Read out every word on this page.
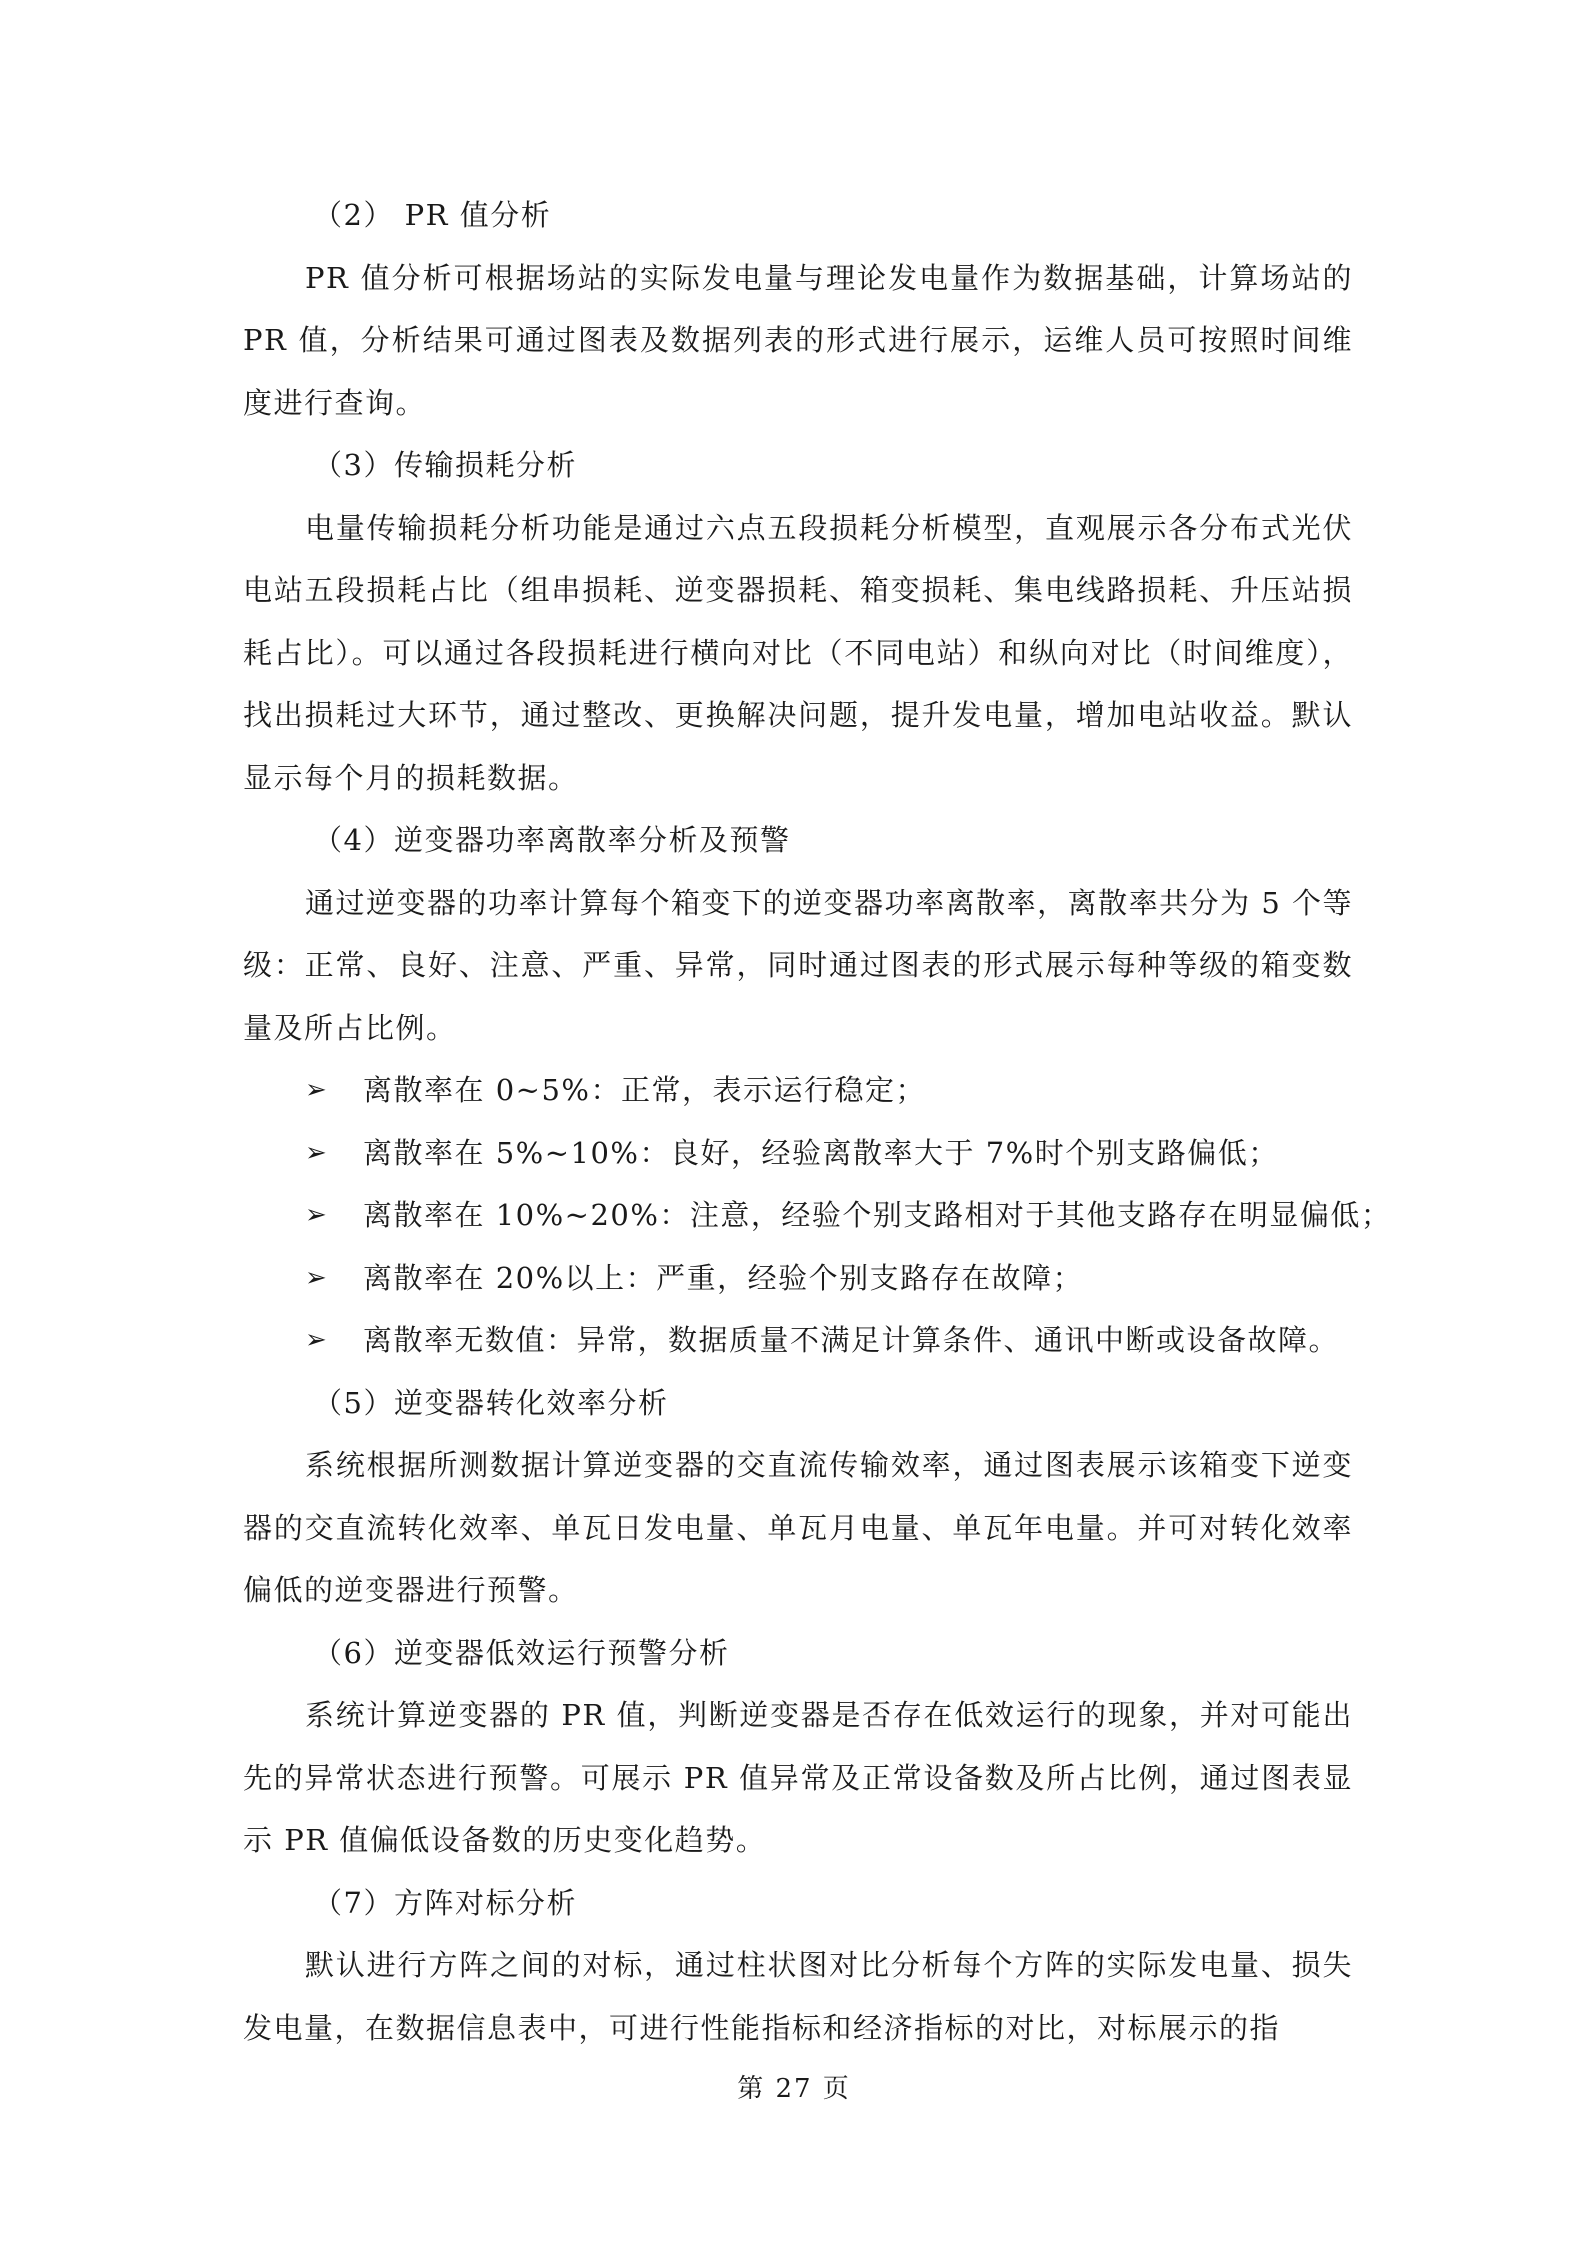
（2） PR 值分析

PR 值分析可根据场站的实际发电量与理论发电量作为数据基础，计算场站的 PR 值，分析结果可通过图表及数据列表的形式进行展示，运维人员可按照时间维度进行查询。

（3）传输损耗分析

电量传输损耗分析功能是通过六点五段损耗分析模型，直观展示各分布式光伏电站五段损耗占比（组串损耗、逆变器损耗、箱变损耗、集电线路损耗、升压站损耗占比）。可以通过各段损耗进行横向对比（不同电站）和纵向对比（时间维度），找出损耗过大环节，通过整改、更换解决问题，提升发电量，增加电站收益。默认显示每个月的损耗数据。

（4）逆变器功率离散率分析及预警

通过逆变器的功率计算每个箱变下的逆变器功率离散率，离散率共分为 5 个等级：正常、良好、注意、严重、异常，同时通过图表的形式展示每种等级的箱变数量及所占比例。

➢ 离散率在 0~5%：正常，表示运行稳定；
➢ 离散率在 5%~10%：良好，经验离散率大于 7%时个别支路偏低；
➢ 离散率在 10%~20%：注意，经验个别支路相对于其他支路存在明显偏低；
➢ 离散率在 20%以上：严重，经验个别支路存在故障；
➢ 离散率无数值：异常，数据质量不满足计算条件、通讯中断或设备故障。

（5）逆变器转化效率分析

系统根据所测数据计算逆变器的交直流传输效率，通过图表展示该箱变下逆变器的交直流转化效率、单瓦日发电量、单瓦月电量、单瓦年电量。并可对转化效率偏低的逆变器进行预警。

（6）逆变器低效运行预警分析

系统计算逆变器的 PR 值，判断逆变器是否存在低效运行的现象，并对可能出先的异常状态进行预警。可展示 PR 值异常及正常设备数及所占比例，通过图表显示 PR 值偏低设备数的历史变化趋势。

（7）方阵对标分析

默认进行方阵之间的对标，通过柱状图对比分析每个方阵的实际发电量、损失发电量，在数据信息表中，可进行性能指标和经济指标的对比，对标展示的指

第 27 页
